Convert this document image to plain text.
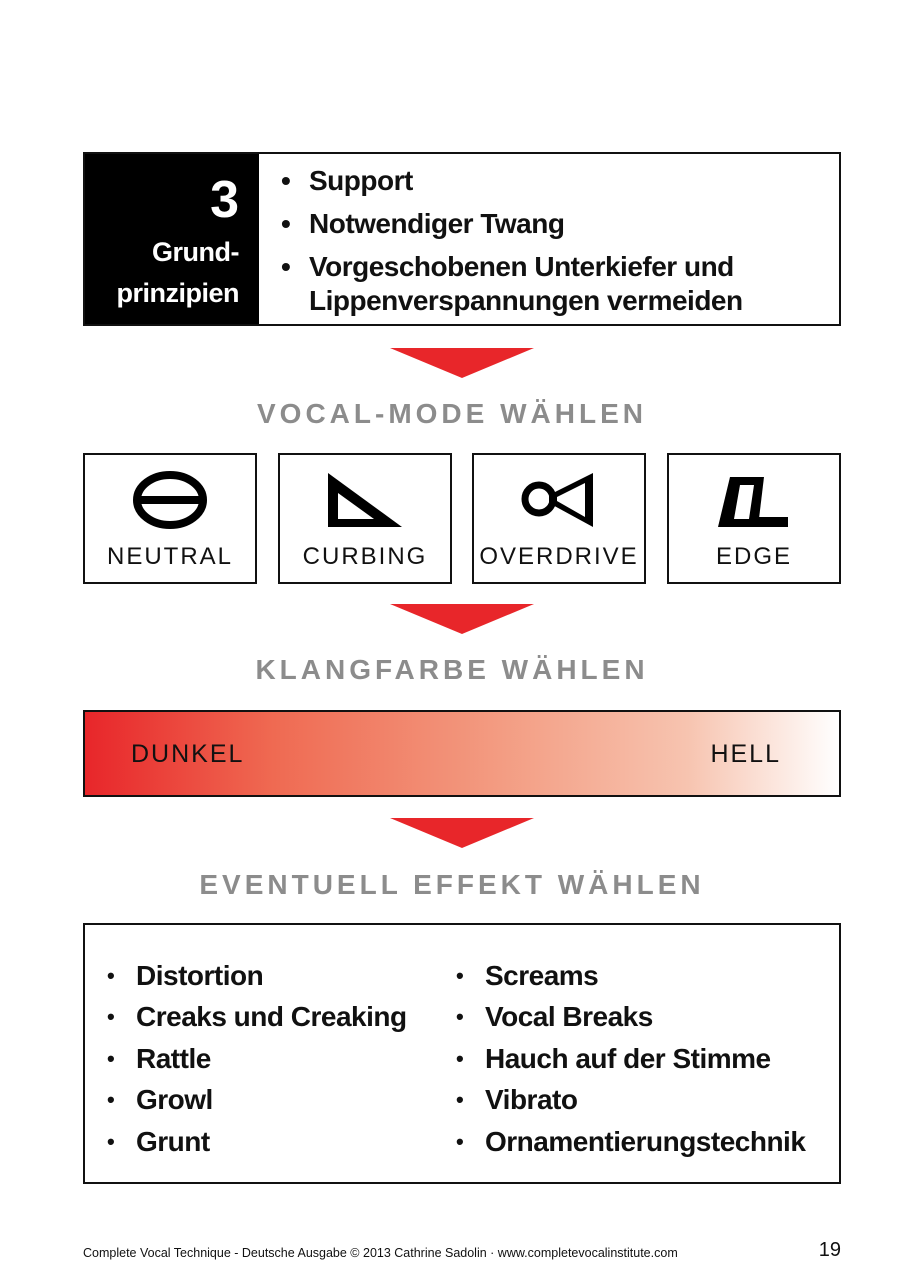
3
Grund-
prinzipien
• Support
• Notwendiger Twang
• Vorgeschobenen Unterkiefer und
Lippenverspannungen vermeiden
VOCAL-MODE WÄHLEN
NEUTRAL	CURBING	OVERDRIVE	EDGE
KLANGFARBE WÄHLEN
DUNKEL	HELL
EVENTUELL EFFEKT WÄHLEN
• Distortion
• Creaks und Creaking
• Rattle
• Growl
• Grunt
• Screams
• Vocal Breaks
• Hauch auf der Stimme
• Vibrato
• Ornamentierungstechnik
Complete Vocal Technique - Deutsche Ausgabe © 2013 Cathrine Sadolin · www.completevocalinstitute.com	19
